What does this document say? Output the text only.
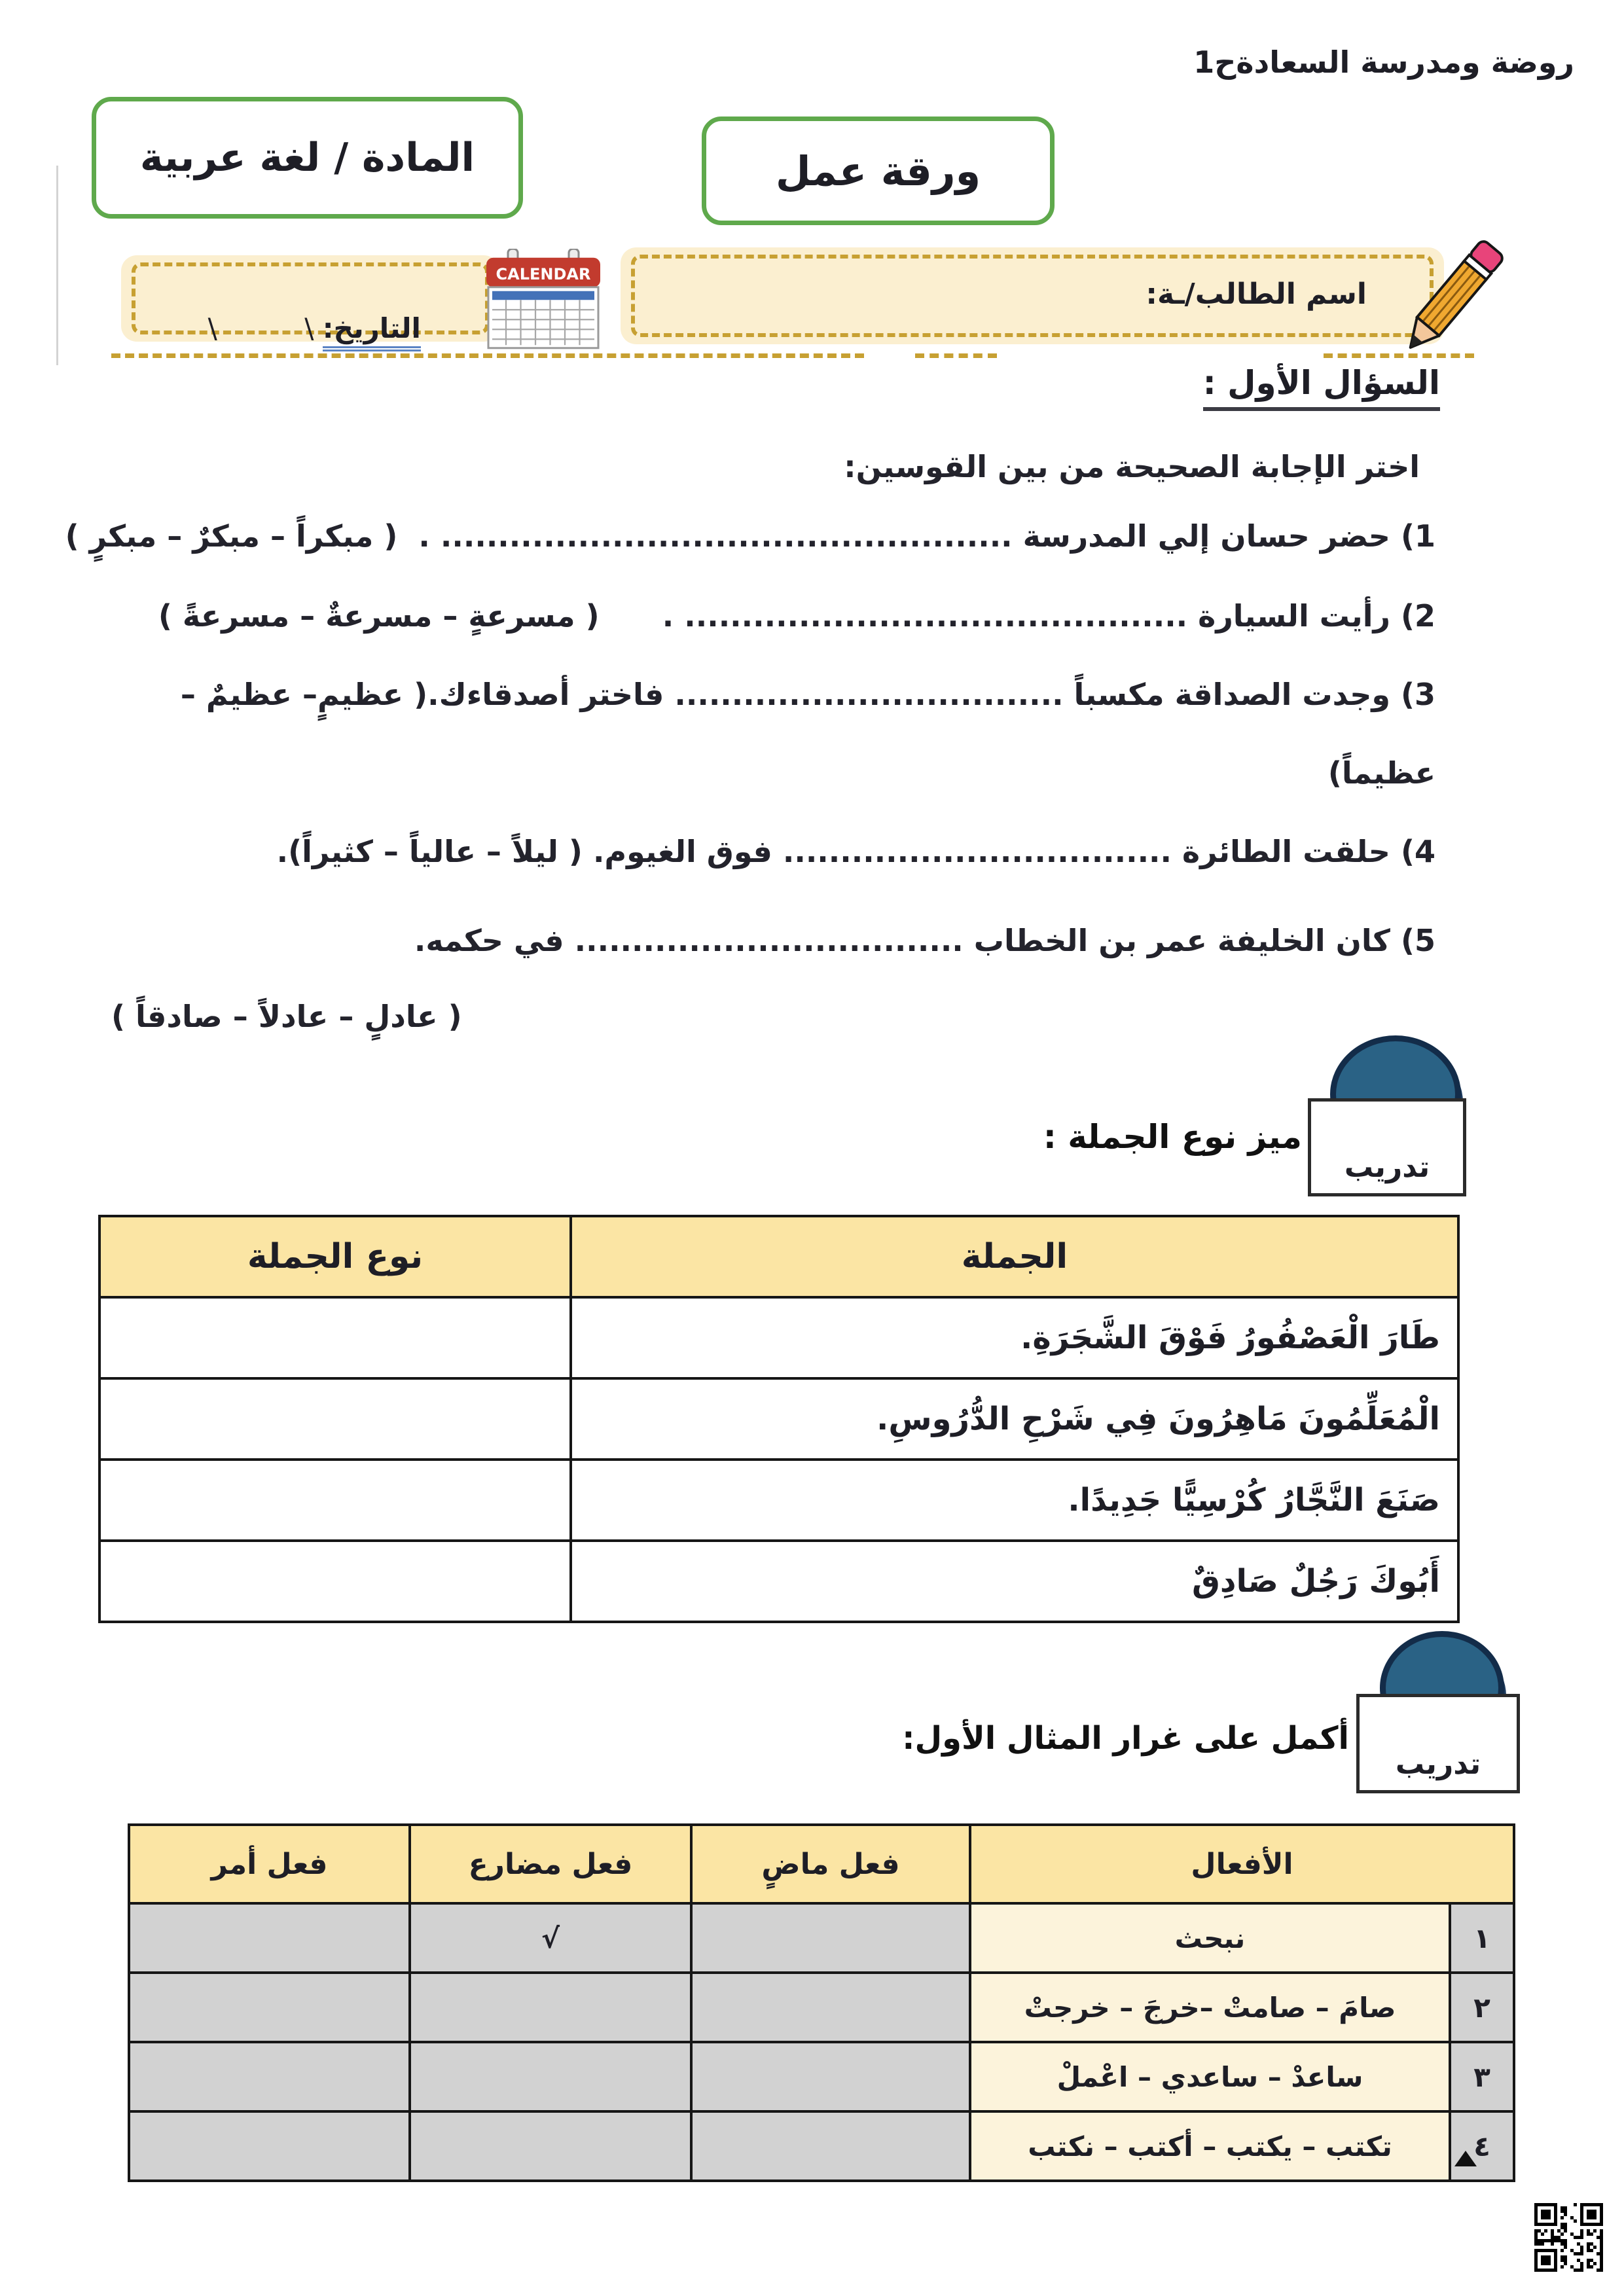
روضة ومدرسة السعادةح1
المادة / لغة عربية	ورقة عمل

التاريخ: \          \

CALENDAR
اسم الطالب/ـة:
السؤال الأول :
اختر الإجابة الصحيحة من بين القوسين:
1) حضر حسان إلي المدرسة .................................................. .  ( مبكراً – مبكرٌ – مبكرٍ )
2) رأيت السيارة ............................................ .      ( مسرعةٍ – مسرعةٌ – مسرعةً )
3) وجدت الصداقة مكسباً .................................. فاختر أصدقاءك.( عظيمٍ– عظيمٌ –
عظيماً)
4) حلقت الطائرة .................................. فوق الغيوم. ( ليلاً – عالياً – كثيراً).
5) كان الخليفة عمر بن الخطاب .................................. في حكمه.
( عادلٍ – عادلاً – صادقاً )
تدريب
ميز نوع الجملة :
الجملة	نوع الجملة
طَارَ الْعَصْفُورُ فَوْقَ الشَّجَرَةِ.	
الْمُعَلِّمُونَ مَاهِرُونَ فِي شَرْحِ الدُّرُوسِ.	
صَنَعَ النَّجَّارُ كُرْسِيًّا جَدِيدًا.	
أَبُوكَ رَجُلٌ صَادِقٌ	
تدريب
أكمل على غرار المثال الأول:
الأفعال		فعل ماضٍ	فعل مضارع	فعل أمر
١	نبحث		√	
٢	صامَ – صامتْ –خرجَ – خرجتْ			
٣	ساعدْ – ساعدي – اعْملْ			
٤	تكتب – يكتب – أكتب – نكتب			
